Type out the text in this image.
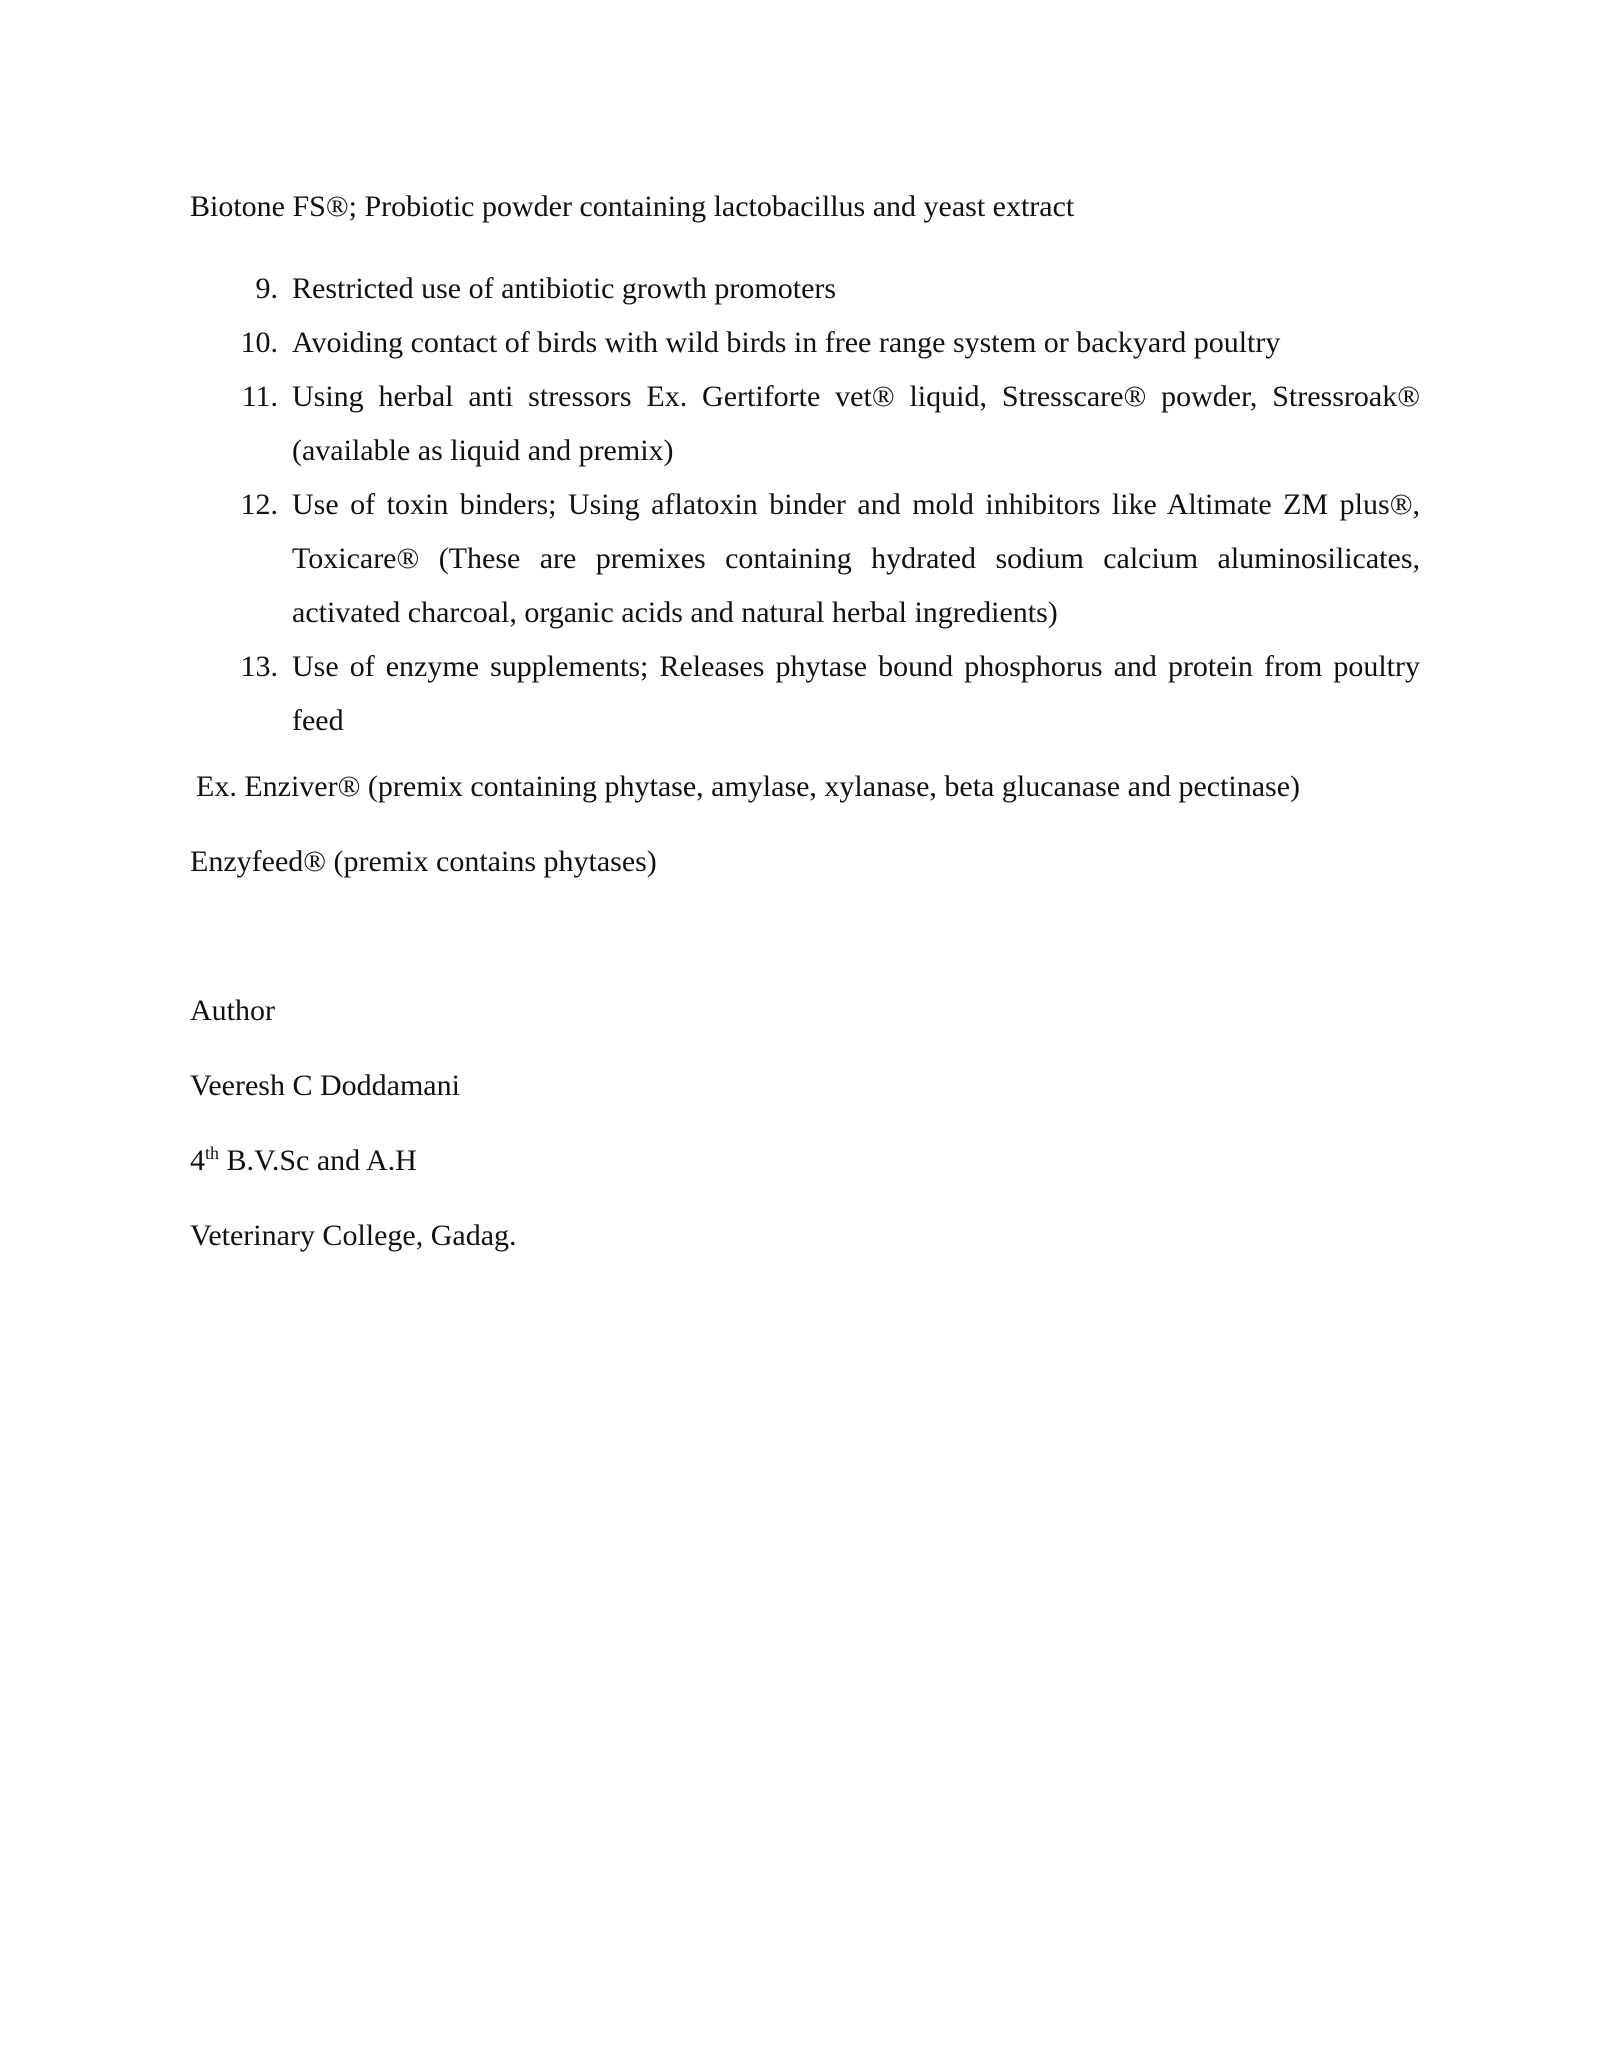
Biotone FS®; Probiotic powder containing lactobacillus and yeast extract
9. Restricted use of antibiotic growth promoters
10. Avoiding contact of birds with wild birds in free range system or backyard poultry
11. Using herbal anti stressors Ex. Gertiforte vet® liquid, Stresscare® powder, Stressroak® (available as liquid and premix)
12. Use of toxin binders; Using aflatoxin binder and mold inhibitors like Altimate ZM plus®, Toxicare® (These are premixes containing hydrated sodium calcium aluminosilicates, activated charcoal, organic acids and natural herbal ingredients)
13. Use of enzyme supplements; Releases phytase bound phosphorus and protein from poultry feed
Ex. Enziver® (premix containing phytase, amylase, xylanase, beta glucanase and pectinase)
Enzyfeed® (premix contains phytases)
Author
Veeresh C Doddamani
4th B.V.Sc and A.H
Veterinary College, Gadag.
